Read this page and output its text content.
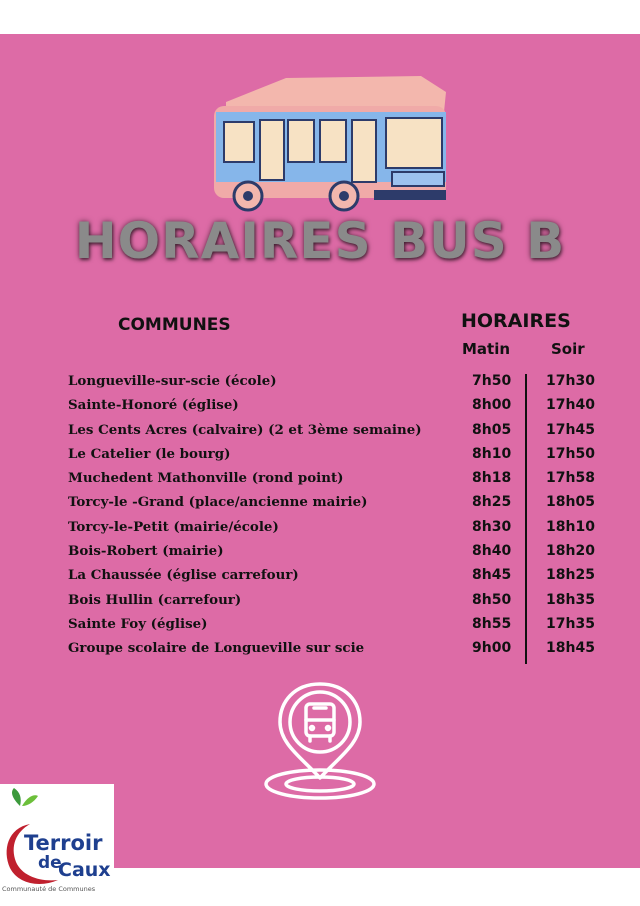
HORAIRES BUS B
COMMUNES	HORAIRES
Matin	Soir
Longueville-sur-scie (école)	7h50 17h30
Sainte-Honoré (église)	8h00 17h40
Les Cents Acres (calvaire) (2 et 3ème semaine)	8h05 17h45
Le Catelier (le bourg)	8h10 17h50
Muchedent Mathonville (rond point)	8h18 17h58
Torcy-le -Grand (place/ancienne mairie)	8h25 18h05
Torcy-le-Petit (mairie/école)	8h30 18h10
Bois-Robert (mairie)	8h40 18h20
La Chaussée (église carrefour)	8h45 18h25
Bois Hullin (carrefour)	8h50 18h35
Sainte Foy (église)	8h55 17h35
Groupe scolaire de Longueville sur scie	9h00 18h45
Terroir
de
Caux
Communauté de Communes
